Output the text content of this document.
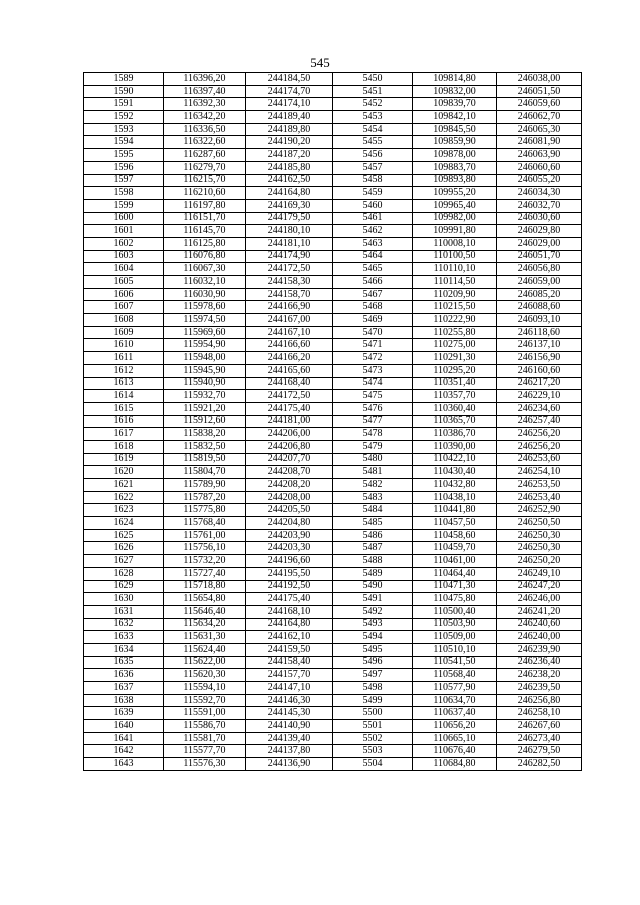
545
1589	116396,20	244184,50	5450	109814,80	246038,00
1590	116397,40	244174,70	5451	109832,00	246051,50
1591	116392,30	244174,10	5452	109839,70	246059,60
1592	116342,20	244189,40	5453	109842,10	246062,70
1593	116336,50	244189,80	5454	109845,50	246065,30
1594	116322,60	244190,20	5455	109859,90	246081,90
1595	116287,60	244187,20	5456	109878,00	246063,90
1596	116279,70	244185,80	5457	109883,70	246060,60
1597	116215,70	244162,50	5458	109893,80	246055,20
1598	116210,60	244164,80	5459	109955,20	246034,30
1599	116197,80	244169,30	5460	109965,40	246032,70
1600	116151,70	244179,50	5461	109982,00	246030,60
1601	116145,70	244180,10	5462	109991,80	246029,80
1602	116125,80	244181,10	5463	110008,10	246029,00
1603	116076,80	244174,90	5464	110100,50	246051,70
1604	116067,30	244172,50	5465	110110,10	246056,80
1605	116032,10	244158,30	5466	110114,50	246059,00
1606	116030,90	244158,70	5467	110209,90	246085,20
1607	115978,60	244166,90	5468	110215,50	246088,60
1608	115974,50	244167,00	5469	110222,90	246093,10
1609	115969,60	244167,10	5470	110255,80	246118,60
1610	115954,90	244166,60	5471	110275,00	246137,10
1611	115948,00	244166,20	5472	110291,30	246156,90
1612	115945,90	244165,60	5473	110295,20	246160,60
1613	115940,90	244168,40	5474	110351,40	246217,20
1614	115932,70	244172,50	5475	110357,70	246229,10
1615	115921,20	244175,40	5476	110360,40	246234,60
1616	115912,60	244181,00	5477	110365,70	246257,40
1617	115838,20	244206,00	5478	110386,70	246256,20
1618	115832,50	244206,80	5479	110390,00	246256,20
1619	115819,50	244207,70	5480	110422,10	246253,60
1620	115804,70	244208,70	5481	110430,40	246254,10
1621	115789,90	244208,20	5482	110432,80	246253,50
1622	115787,20	244208,00	5483	110438,10	246253,40
1623	115775,80	244205,50	5484	110441,80	246252,90
1624	115768,40	244204,80	5485	110457,50	246250,50
1625	115761,00	244203,90	5486	110458,60	246250,30
1626	115756,10	244203,30	5487	110459,70	246250,30
1627	115732,20	244196,60	5488	110461,00	246250,20
1628	115727,40	244195,50	5489	110464,40	246249,10
1629	115718,80	244192,50	5490	110471,30	246247,20
1630	115654,80	244175,40	5491	110475,80	246246,00
1631	115646,40	244168,10	5492	110500,40	246241,20
1632	115634,20	244164,80	5493	110503,90	246240,60
1633	115631,30	244162,10	5494	110509,00	246240,00
1634	115624,40	244159,50	5495	110510,10	246239,90
1635	115622,00	244158,40	5496	110541,50	246236,40
1636	115620,30	244157,70	5497	110568,40	246238,20
1637	115594,10	244147,10	5498	110577,90	246239,50
1638	115592,70	244146,30	5499	110634,70	246256,80
1639	115591,00	244145,30	5500	110637,40	246258,10
1640	115586,70	244140,90	5501	110656,20	246267,60
1641	115581,70	244139,40	5502	110665,10	246273,40
1642	115577,70	244137,80	5503	110676,40	246279,50
1643	115576,30	244136,90	5504	110684,80	246282,50
